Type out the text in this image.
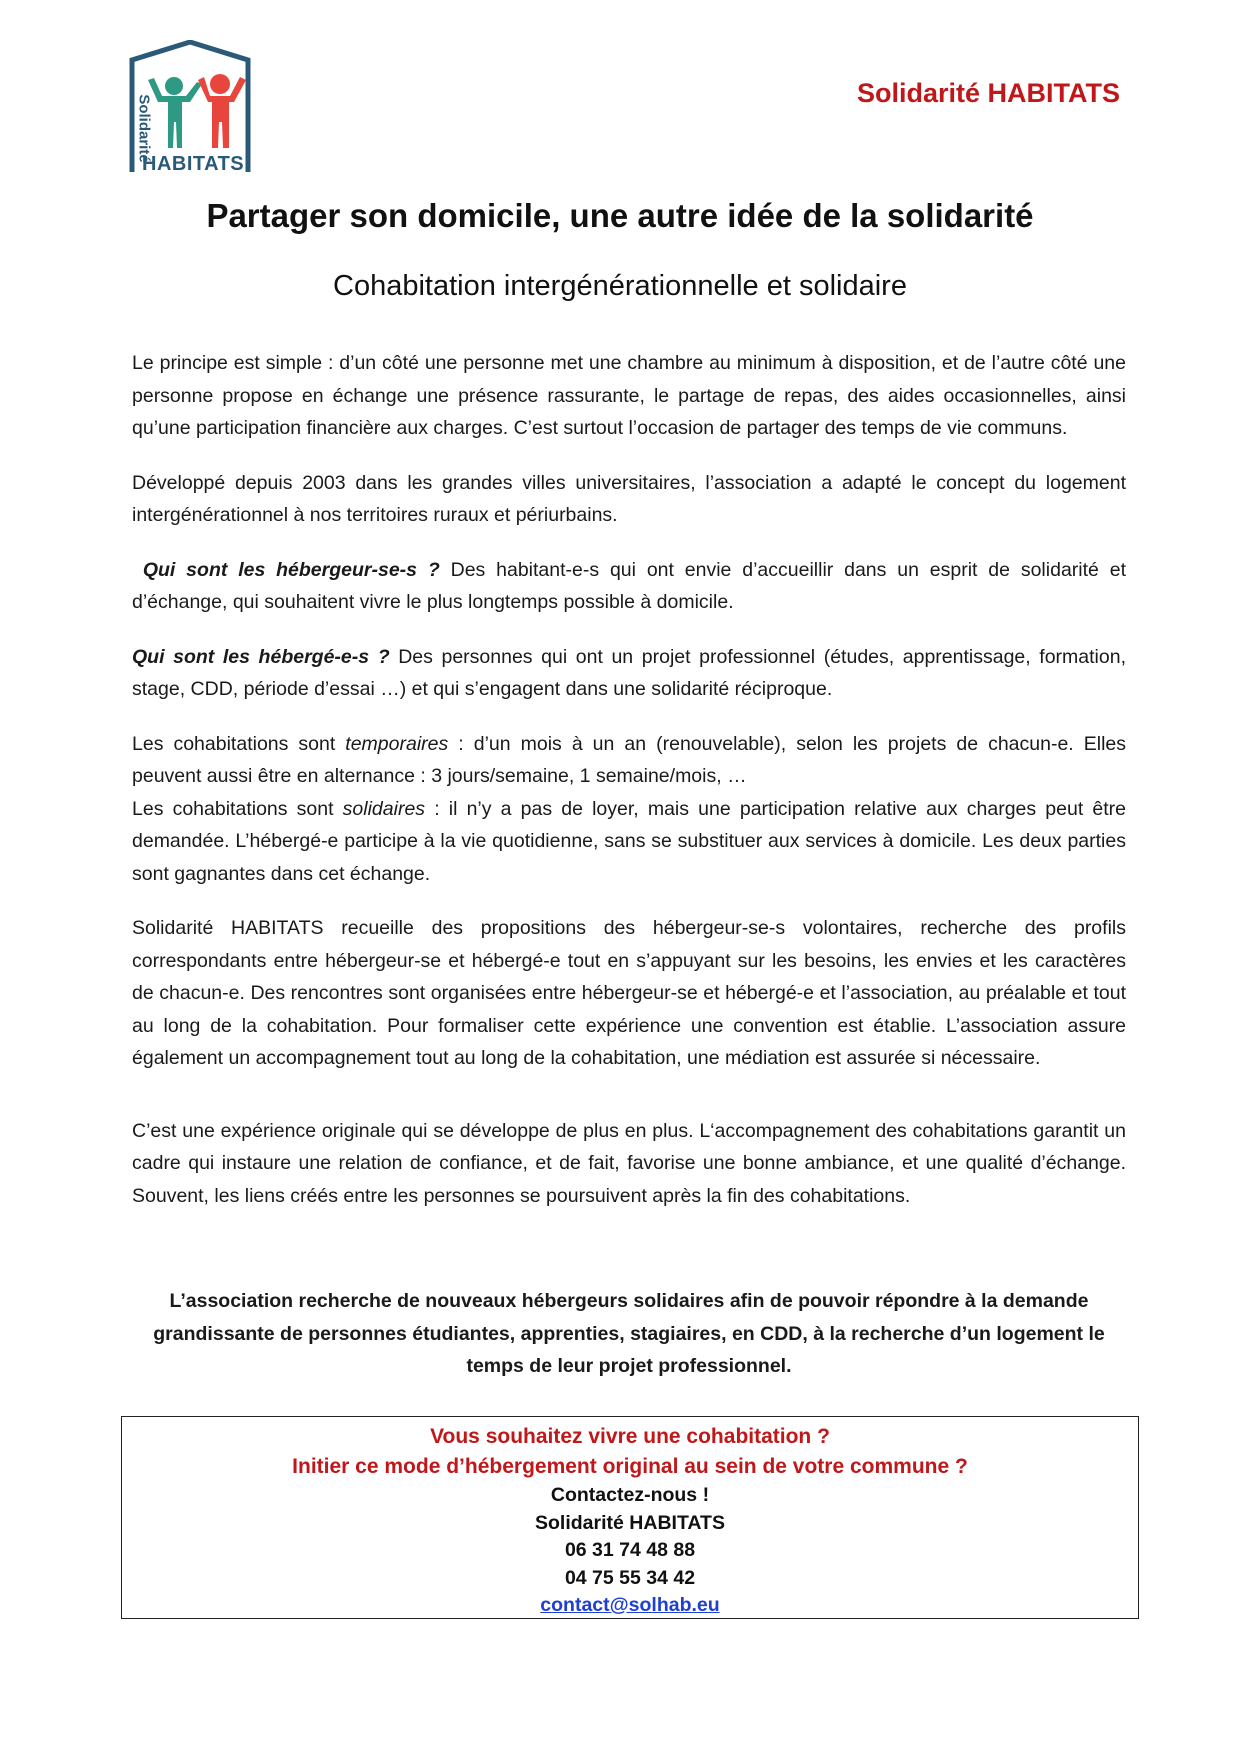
Solidarité
HABITATS
Solidarité HABITATS
Partager son domicile, une autre idée de la solidarité
Cohabitation intergénérationnelle et solidaire

Le principe est simple : d’un côté une personne met une chambre au minimum à disposition, et de l’autre côté une personne propose en échange une présence rassurante, le partage de repas, des aides occasionnelles, ainsi qu’une participation financière aux charges. C’est surtout l’occasion de partager des temps de vie communs.

Développé depuis 2003 dans les grandes villes universitaires, l’association a adapté le concept du logement intergénérationnel à nos territoires ruraux et périurbains.

Qui sont les hébergeur-se-s ? Des habitant-e-s qui ont envie d’accueillir dans un esprit de solidarité et d’échange, qui souhaitent vivre le plus longtemps possible à domicile.

Qui sont les hébergé-e-s ? Des personnes qui ont un projet professionnel (études, apprentissage, formation, stage, CDD, période d’essai …) et qui s’engagent dans une solidarité réciproque.

Les cohabitations sont temporaires : d’un mois à un an (renouvelable), selon les projets de chacun-e. Elles peuvent aussi être en alternance : 3 jours/semaine, 1 semaine/mois, …

Les cohabitations sont solidaires : il n’y a pas de loyer, mais une participation relative aux charges peut être demandée. L’hébergé-e participe à la vie quotidienne, sans se substituer aux services à domicile. Les deux parties sont gagnantes dans cet échange.

Solidarité HABITATS recueille des propositions des hébergeur-se-s volontaires, recherche des profils correspondants entre hébergeur-se et hébergé-e tout en s’appuyant sur les besoins, les envies et les caractères de chacun-e. Des rencontres sont organisées entre hébergeur-se et hébergé-e et l’association, au préalable et tout au long de la cohabitation. Pour formaliser cette expérience une convention est établie. L’association assure également un accompagnement tout au long de la cohabitation, une médiation est assurée si nécessaire.

C’est une expérience originale qui se développe de plus en plus. L‘accompagnement des cohabitations garantit un cadre qui instaure une relation de confiance, et de fait, favorise une bonne ambiance, et une qualité d’échange. Souvent, les liens créés entre les personnes se poursuivent après la fin des cohabitations.

L’association recherche de nouveaux hébergeurs solidaires afin de pouvoir répondre à la demande grandissante de personnes étudiantes, apprenties, stagiaires, en CDD, à la recherche d’un logement le temps de leur projet professionnel.
Vous souhaitez vivre une cohabitation ?
Initier ce mode d’hébergement original au sein de votre commune ?
Contactez-nous !
Solidarité HABITATS
06 31 74 48 88
04 75 55 34 42
contact@solhab.eu
